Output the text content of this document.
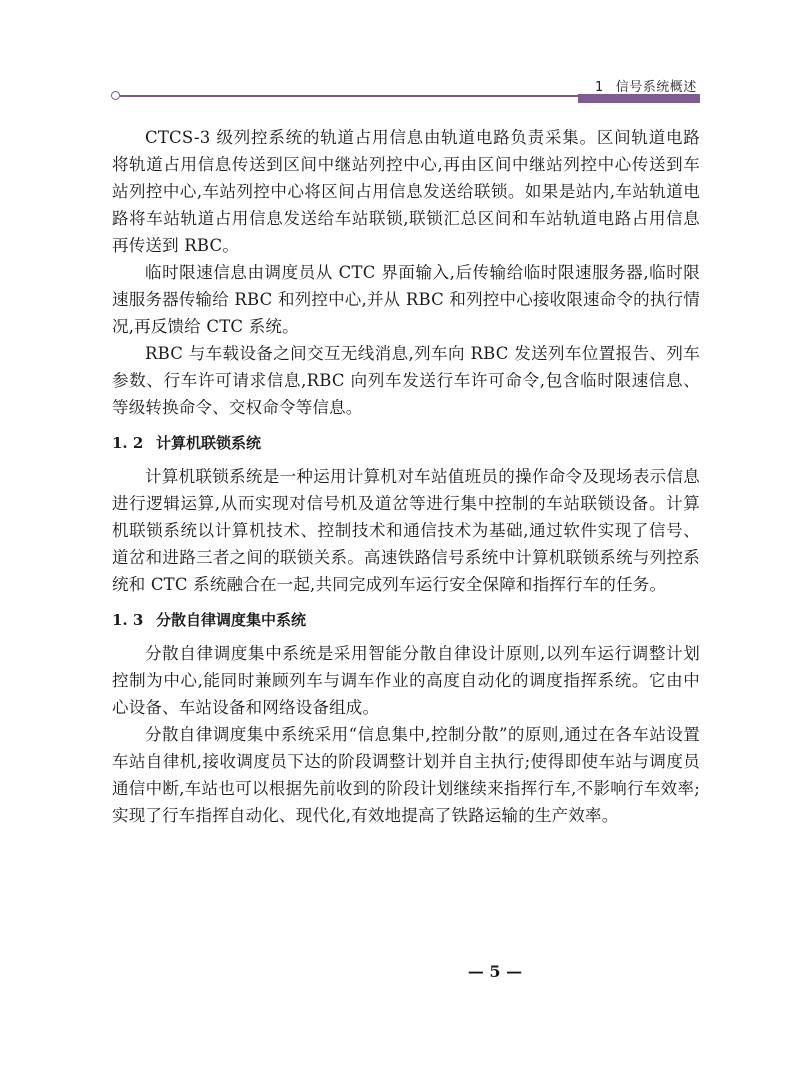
1 信号系统概述

CTCS-3 级列控系统的轨道占用信息由轨道电路负责采集。区间轨道电路将轨道占用信息传送到区间中继站列控中心,再由区间中继站列控中心传送到车站列控中心,车站列控中心将区间占用信息发送给联锁。如果是站内,车站轨道电路将车站轨道占用信息发送给车站联锁,联锁汇总区间和车站轨道电路占用信息再传送到 RBC。

临时限速信息由调度员从 CTC 界面输入,后传输给临时限速服务器,临时限速服务器传输给 RBC 和列控中心,并从 RBC 和列控中心接收限速命令的执行情况,再反馈给 CTC 系统。

RBC 与车载设备之间交互无线消息,列车向 RBC 发送列车位置报告、列车参数、行车许可请求信息,RBC 向列车发送行车许可命令,包含临时限速信息、等级转换命令、交权命令等信息。

1. 2 计算机联锁系统

计算机联锁系统是一种运用计算机对车站值班员的操作命令及现场表示信息进行逻辑运算,从而实现对信号机及道岔等进行集中控制的车站联锁设备。计算机联锁系统以计算机技术、控制技术和通信技术为基础,通过软件实现了信号、道岔和进路三者之间的联锁关系。高速铁路信号系统中计算机联锁系统与列控系统和 CTC 系统融合在一起,共同完成列车运行安全保障和指挥行车的任务。

1. 3 分散自律调度集中系统

分散自律调度集中系统是采用智能分散自律设计原则,以列车运行调整计划控制为中心,能同时兼顾列车与调车作业的高度自动化的调度指挥系统。它由中心设备、车站设备和网络设备组成。

分散自律调度集中系统采用“信息集中,控制分散”的原则,通过在各车站设置车站自律机,接收调度员下达的阶段调整计划并自主执行;使得即使车站与调度员通信中断,车站也可以根据先前收到的阶段计划继续来指挥行车,不影响行车效率;实现了行车指挥自动化、现代化,有效地提高了铁路运输的生产效率。

— 5 —
